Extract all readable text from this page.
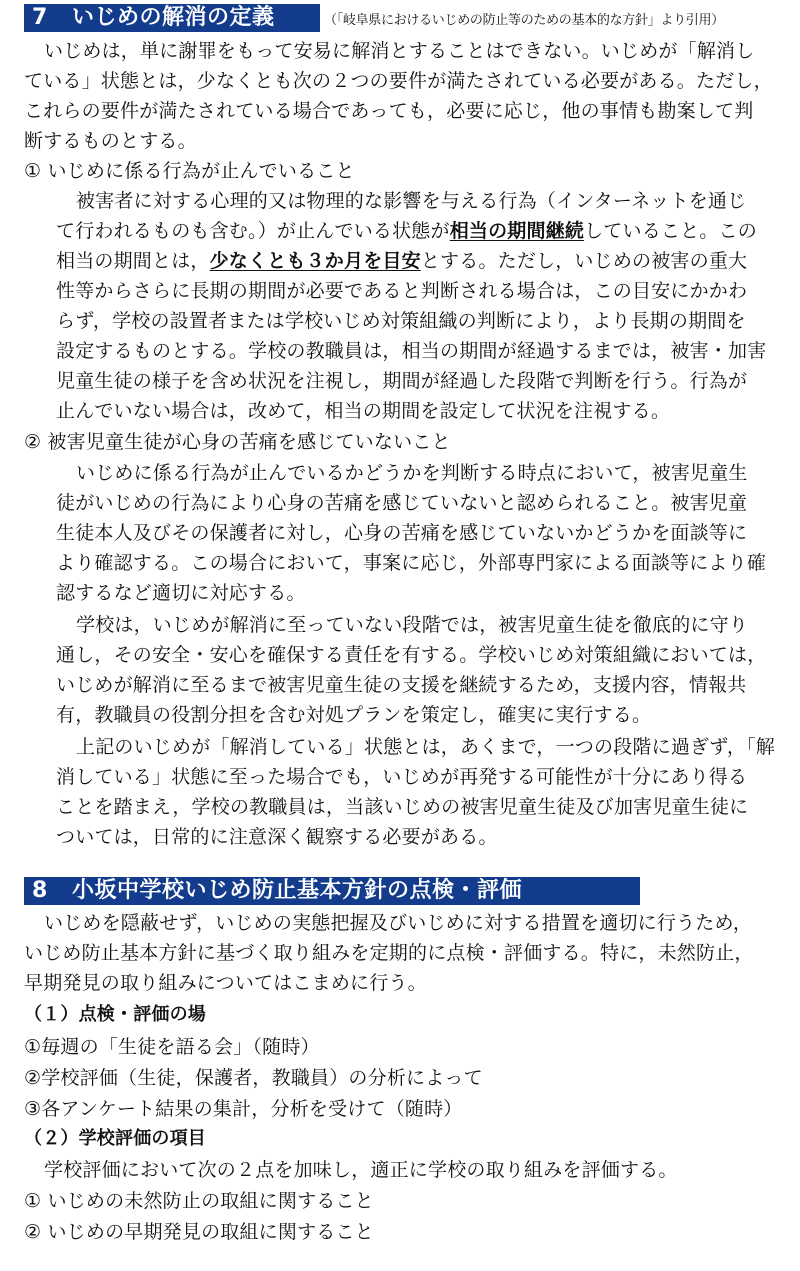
7 いじめの解消の定義	（「岐阜県におけるいじめの防止等のための基本的な方針」より引用）
いじめは，単に謝罪をもって安易に解消とすることはできない。いじめが「解消し
ている」状態とは，少なくとも次の２つの要件が満たされている必要がある。ただし，
これらの要件が満たされている場合であっても，必要に応じ，他の事情も勘案して判
断するものとする。
① いじめに係る行為が止んでいること
被害者に対する心理的又は物理的な影響を与える行為（インターネットを通じ
て行われるものも含む。）が止んでいる状態が相当の期間継続していること。この
相当の期間とは，少なくとも３か月を目安とする。ただし，いじめの被害の重大
性等からさらに長期の期間が必要であると判断される場合は，この目安にかかわ
らず，学校の設置者または学校いじめ対策組織の判断により，より長期の期間を
設定するものとする。学校の教職員は，相当の期間が経過するまでは，被害・加害
児童生徒の様子を含め状況を注視し，期間が経過した段階で判断を行う。行為が
止んでいない場合は，改めて，相当の期間を設定して状況を注視する。
② 被害児童生徒が心身の苦痛を感じていないこと
いじめに係る行為が止んでいるかどうかを判断する時点において，被害児童生
徒がいじめの行為により心身の苦痛を感じていないと認められること。被害児童
生徒本人及びその保護者に対し，心身の苦痛を感じていないかどうかを面談等に
より確認する。この場合において，事案に応じ，外部専門家による面談等により確
認するなど適切に対応する。
学校は，いじめが解消に至っていない段階では，被害児童生徒を徹底的に守り
通し，その安全・安心を確保する責任を有する。学校いじめ対策組織においては，
いじめが解消に至るまで被害児童生徒の支援を継続するため，支援内容，情報共
有，教職員の役割分担を含む対処プランを策定し，確実に実行する。
上記のいじめが「解消している」状態とは，あくまで，一つの段階に過ぎず，「解
消している」状態に至った場合でも，いじめが再発する可能性が十分にあり得る
ことを踏まえ，学校の教職員は，当該いじめの被害児童生徒及び加害児童生徒に
ついては，日常的に注意深く観察する必要がある。
8 小坂中学校いじめ防止基本方針の点検・評価
いじめを隠蔽せず，いじめの実態把握及びいじめに対する措置を適切に行うため，
いじめ防止基本方針に基づく取り組みを定期的に点検・評価する。特に，未然防止，
早期発見の取り組みについてはこまめに行う。
（１）点検・評価の場
①毎週の「生徒を語る会」（随時）
②学校評価（生徒，保護者，教職員）の分析によって
③各アンケート結果の集計，分析を受けて（随時）
（２）学校評価の項目
学校評価において次の２点を加味し，適正に学校の取り組みを評価する。
① いじめの未然防止の取組に関すること
② いじめの早期発見の取組に関すること
